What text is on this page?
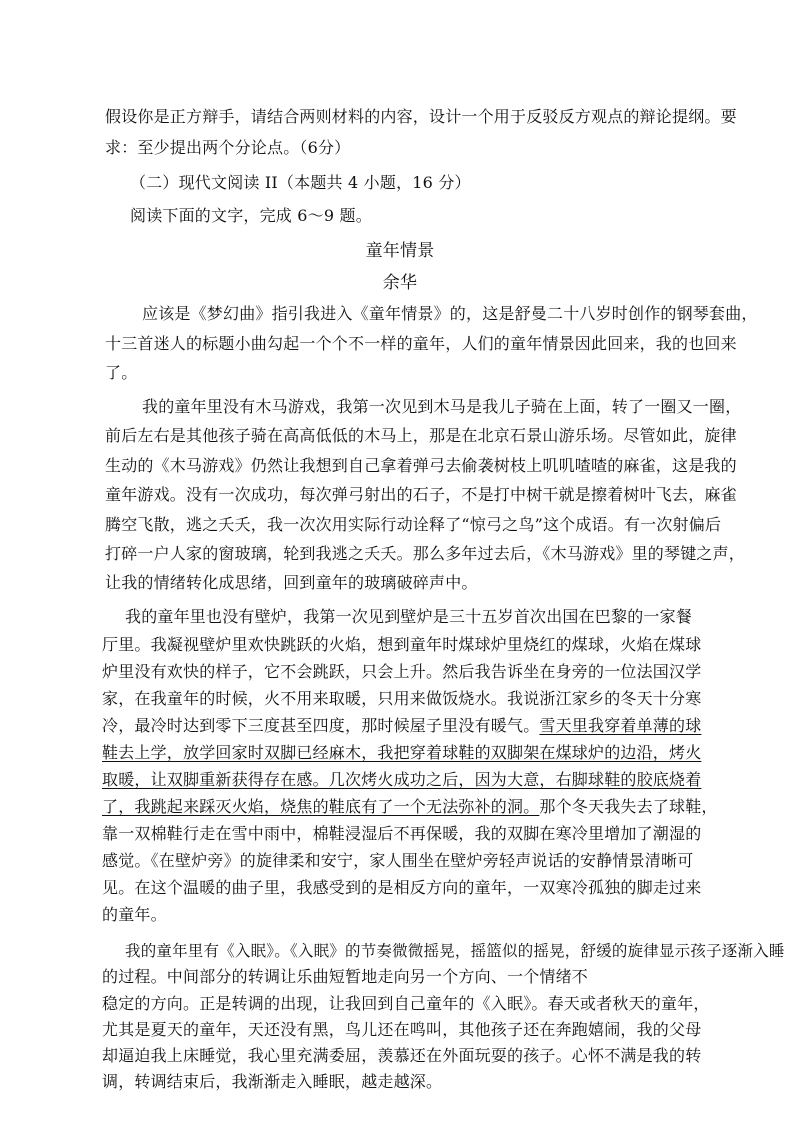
假设你是正方辩手，请结合两则材料的内容，设计一个用于反驳反方观点的辩论提纲。要
求：至少提出两个分论点。（6分）
（二）现代文阅读 II（本题共 4 小题，16 分）
阅读下面的文字，完成 6～9 题。
童年情景
余华
应该是《梦幻曲》指引我进入《童年情景》的，这是舒曼二十八岁时创作的钢琴套曲，
十三首迷人的标题小曲勾起一个个不一样的童年，人们的童年情景因此回来，我的也回来
了。
我的童年里没有木马游戏，我第一次见到木马是我儿子骑在上面，转了一圈又一圈，
前后左右是其他孩子骑在高高低低的木马上，那是在北京石景山游乐场。尽管如此，旋律
生动的《木马游戏》仍然让我想到自己拿着弹弓去偷袭树枝上叽叽喳喳的麻雀，这是我的
童年游戏。没有一次成功，每次弹弓射出的石子，不是打中树干就是擦着树叶飞去，麻雀
腾空飞散，逃之夭夭，我一次次用实际行动诠释了“惊弓之鸟”这个成语。有一次射偏后
打碎一户人家的窗玻璃，轮到我逃之夭夭。那么多年过去后，《木马游戏》里的琴键之声，
让我的情绪转化成思绪，回到童年的玻璃破碎声中。
我的童年里也没有壁炉，我第一次见到壁炉是三十五岁首次出国在巴黎的一家餐
厅里。我凝视壁炉里欢快跳跃的火焰，想到童年时煤球炉里烧红的煤球，火焰在煤球
炉里没有欢快的样子，它不会跳跃，只会上升。然后我告诉坐在身旁的一位法国汉学
家，在我童年的时候，火不用来取暖，只用来做饭烧水。我说浙江家乡的冬天十分寒
冷，最冷时达到零下三度甚至四度，那时候屋子里没有暖气。雪天里我穿着单薄的球
鞋去上学，放学回家时双脚已经麻木，我把穿着球鞋的双脚架在煤球炉的边沿，烤火
取暖，让双脚重新获得存在感。几次烤火成功之后，因为大意，右脚球鞋的胶底烧着
了，我跳起来踩灭火焰，烧焦的鞋底有了一个无法弥补的洞。那个冬天我失去了球鞋，
靠一双棉鞋行走在雪中雨中，棉鞋浸湿后不再保暖，我的双脚在寒冷里增加了潮湿的
感觉。《在壁炉旁》的旋律柔和安宁，家人围坐在壁炉旁轻声说话的安静情景清晰可
见。在这个温暖的曲子里，我感受到的是相反方向的童年，一双寒冷孤独的脚走过来
的童年。
我的童年里有《入眠》。《入眠》的节奏微微摇晃，摇篮似的摇晃，舒缓的旋律显示孩子逐渐入睡
的过程。中间部分的转调让乐曲短暂地走向另一个方向、一个情绪不
稳定的方向。正是转调的出现，让我回到自己童年的《入眠》。春天或者秋天的童年，
尤其是夏天的童年，天还没有黑，鸟儿还在鸣叫，其他孩子还在奔跑嬉闹，我的父母
却逼迫我上床睡觉，我心里充满委屈，羡慕还在外面玩耍的孩子。心怀不满是我的转
调，转调结束后，我渐渐走入睡眠，越走越深。
